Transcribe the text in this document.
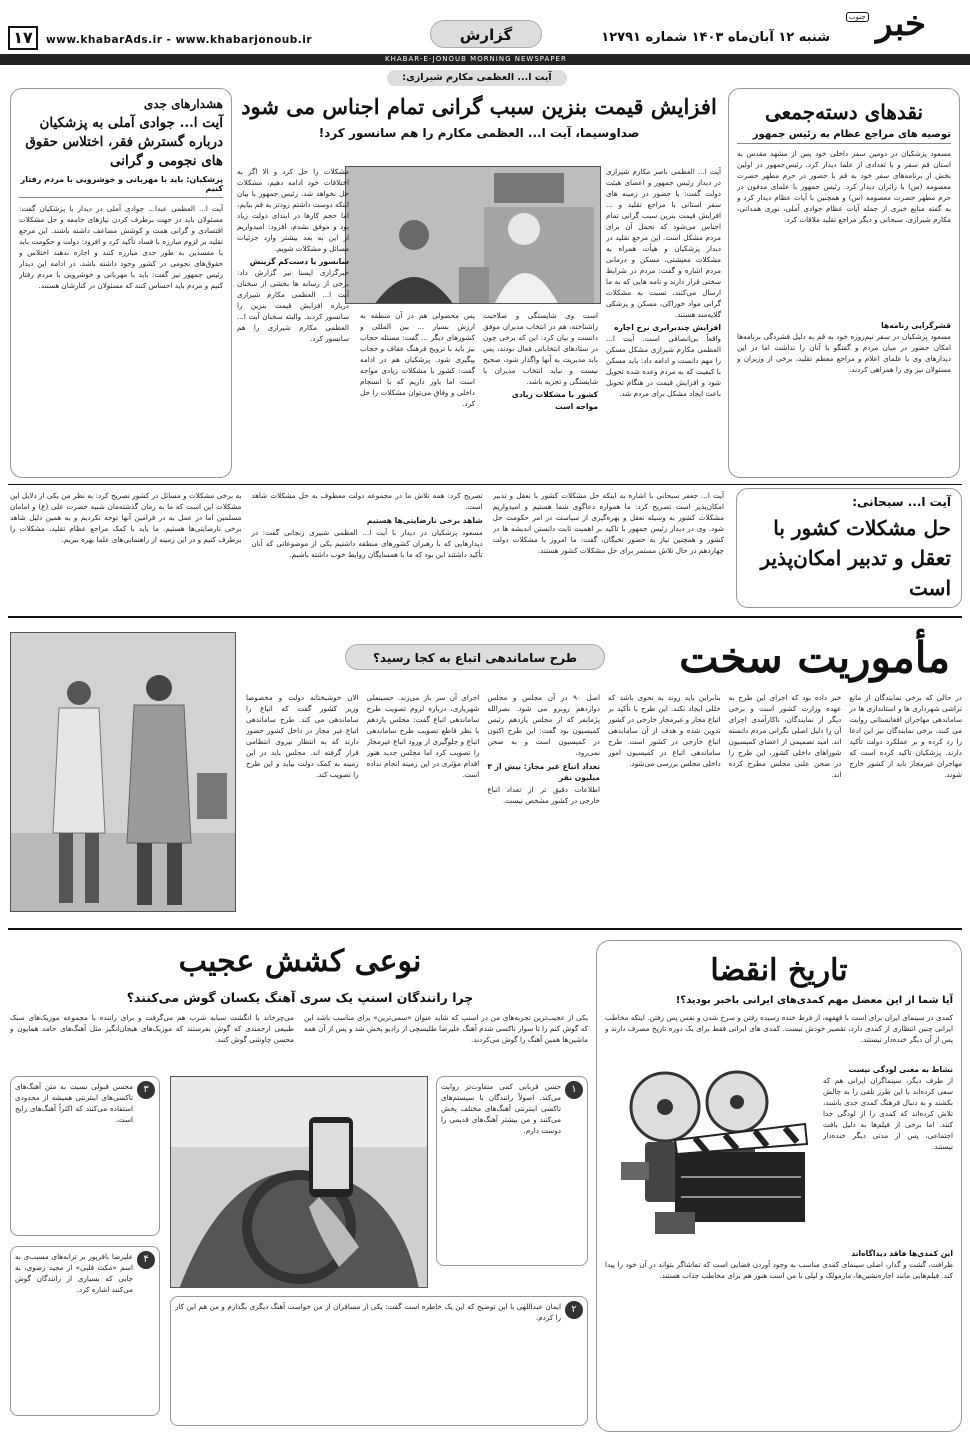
خبر
جنوب
شنبه ۱۲ آبان‌ماه ۱۴۰۳ شماره ۱۲۷۹۱
گزارش
www.khabarAds.ir - www.khabarjonoub.ir
۱۷
KHABAR-E-JONOUB MORNING NEWSPAPER
آیت ا... العظمی مکارم شیرازی:
افزایش قیمت بنزین سبب گرانی تمام اجناس می شود
صداوسیما، آیت ا... العظمی مکارم را هم سانسور کرد!
آیت ا... العظمی ناصر مکارم شیرازی در دیدار رئیس جمهور و اعضای هیئت دولت گفت: با حضور در زمینه های سفر استانی با مراجع تقلید و ... افزایش قیمت بنزین سبب گرانی تمام اجناس می‌شود که تحمل آن برای مردم مشکل است. این مرجع تقلید در دیدار پزشکیان و هیأت همراه به مشکلات معیشتی، مسکن و درمانی مردم اشاره و گفت: مردم در شرایط سختی قرار دارند و نامه هایی که به ما ارسال می‌کنند، نسبت به مشکلات گرانی مواد خوراکی، مسکن و پزشکی گلایه‌مند هستند.
افزایش چندبرابری نرخ اجاره
واقعاً بی‌انصافی است. آیت ا... العظمی مکارم شیرازی مشکل مسکن را مهم دانست و ادامه داد: باید مسکن با کیفیت که به مردم وعده شده تحویل شود و افزایش قیمت در هنگام تحویل باعث ایجاد مشکل برای مردم شد.
است وی شایستگی و صلاحیت راشناخته، هم در انتخاب مدیران موفق دانست و بیان کرد: این که برخی چون در ستادهای انتخاباتی فعال بودند، پس باید مدیریت به آنها واگذار شود، صحیح نیست و نباید انتخاب مدیران با شایستگی و تجربه باشد.
کشور با مشکلات زیادی
مواجه است
پس محصولی هم در آن منطقه به ارزش بسیار ... بین المللی و کشورهای دیگر ... گفت: مسئله حجاب نیز باید با ترویج فرهنگ عفاف و حجاب پیگیری شود. پزشکیان هم در ادامه گفت: کشور با مشکلات زیادی مواجه است اما باور داریم که با انسجام داخلی و وفاق می‌توان مشکلات را حل کرد.
مشکلات را حل کرد و الا اگر به اختلافات خود ادامه دهیم، مشکلات حل نخواهد شد. رئیس جمهور با بیان اینکه دوست داشتم زودتر به قم بیایم، اما حجم کارها در ابتدای دولت زیاد بود و موفق نشدم، افزود: امیدواریم از این به بعد بیشتر وارد جزئیات مسائل و مشکلات شویم.
سانسور یا دست‌کم گزینش
خبرگزاری ایسنا نیز گزارش داد: برخی از رسانه ها بخشی از سخنان آیت ا... العظمی مکارم شیرازی درباره افزایش قیمت بنزین را سانسور کردند. والبته سخنان آیت ا... العظمی مکارم شیرازی را هم سانسور کرد.
هشدارهای جدی
آیت ا... جوادی آملی به پزشکیان درباره گسترش فقر، اختلاس حقوق های نجومی و گرانی
پزشکیان: باید با مهربانی و خوشرویی با مردم رفتار کنیم
آیت ا... العظمی عبدا... جوادی آملی در دیدار با پزشکیان گفت: مسئولان باید در جهت برطرف کردن نیازهای جامعه و حل مشکلات اقتصادی و گرانی همت و کوشش مضاعف داشته باشند. این مرجع تقلید بر لزوم مبارزه با فساد تأکید کرد و افزود: دولت و حکومت باید با مفسدین به طور جدی مبارزه کنند و اجازه ندهند اختلاس و حقوق‌های نجومی در کشور وجود داشته باشد. در ادامه این دیدار رئیس جمهور نیز گفت: باید با مهربانی و خوشرویی با مردم رفتار کنیم و مردم باید احساس کنند که مسئولان در کنارشان هستند.
نقدهای دسته‌جمعی
توصیه های مراجع عظام به رئیس جمهور
مسعود پزشکیان در دومین سفر داخلی خود پس از مشهد مقدس به استان قم سفر و با تعدادی از علما دیدار کرد. رئیس‌جمهور در اولین بخش از برنامه‌های سفر خود به قم با حضور در حرم مطهر حضرت معصومه (س) با زائران دیدار کرد. رئیس جمهور با علمای مدفون در حرم مطهر حضرت معصومه (س) و همچنین با آیات عظام دیدار کرد و به گفته منابع خبری از جمله آیات عظام جوادی آملی، نوری همدانی، مکارم شیرازی، سبحانی و دیگر مراجع تقلید ملاقات کرد.
قشرگرایی رنامه‌ها
مسعود پزشکیان در سفر نیم‌روزه خود به قم به دلیل فشردگی برنامه‌ها امکان حضور در میان مردم و گفتگو با آنان را نداشت اما در این دیدارهای وی با علمای اعلام و مراجع معظم تقلید، برخی از وزیران و مسئولان نیز وی را همراهی کردند.
آیت ا... سبحانی:
حل مشکلات کشور با تعقل و تدبیر امکان‌پذیر است
آیت ا... جعفر سبحانی با اشاره به اینکه حل مشکلات کشور با تعقل و تدبیر امکان‌پذیر است تصریح کرد: ما همواره دعاگوی شما هستیم و امیدواریم مشکلات کشور به وسیله تعقل و بهره‌گیری از سیاست در امر حکومت حل شود. وی در دیدار رئیس جمهور با تاکید بر اهمیت ثابت دانستن اندیشه ها در کشور و همچنین نیاز به حضور نخبگان، گفت: ما امروز با مشکلات دولت چهاردهم در حال تلاش مستمر برای حل مشکلات کشور هستند.
تصریح کرد: همه تلاش ما در مجموعه دولت معطوف به حل مشکلات شاهد است.
شاهد برخی نارضایتی‌ها هستیم
مسعود پزشکیان در دیدار با آیت ا... العظمی شبیری زنجانی گفت: در دیدارهایی که با رهبران کشورهای منطقه داشتیم یکی از موضوعاتی که آنان تأکید داشتند این بود که ما با همسایگان روابط خوب داشته باشیم.
به برخی مشکلات و مسائل در کشور تصریح کرد: به نظر من یکی از دلایل این مشکلات این است که ما به زمان گذشته‌مان شبیه حضرت علی (ع) و امامان مسلمین اما در عمل به در فرامین آنها توجه نکردیم و به همین دلیل شاهد برخی نارضایتی‌ها هستیم. ما باید با کمک مراجع عظام تقلید، مشکلات را برطرف کنیم و در این زمینه از راهنمایی‌های علما بهره ببریم.
مأموریت سخت
طرح ساماندهی اتباع به کجا رسید؟
در حالی که برخی نمایندگان از مانع تراشی شهرداری ها و استانداری ها در ساماندهی مهاجران افغانستانی روایت می کنند، برخی نمایندگان نیز این ادعا را رد کرده و بر عملکرد دولت تأکید دارند. پزشکیان تاکید کرده است که مهاجران غیرمجاز باید از کشور خارج شوند.
خبر داده بود که اجرای این طرح به عهده وزارت کشور است و برخی دیگر از نمایندگان، ناکارآمدی اجرای آن را دلیل اصلی نگرانی مردم دانسته اند. امید تصمیمی از اعضای کمیسیون شوراهای داخلی کشور، این طرح را در صحن علنی مجلس مطرح کرده اند.
بنابراین باید روند به نحوی باشد که خللی ایجاد نکند. این طرح با تأکید بر اتباع مجاز و غیرمجاز خارجی در کشور تدوین شده و هدف از آن ساماندهی اتباع خارجی در کشور است. طرح ساماندهی اتباع در کمیسیون امور داخلی مجلس بررسی می‌شود.
اصل ۹۰ در آن مجلس و مجلس دوازدهم روبرو می شود. نصرالله پژمانفر که از مجلس یازدهم رئیس کمیسیون بود گفت: این طرح اکنون در کمیسیون است و به صحن نمی‌رود.
تعداد اتباع غیر مجاز: بیش از ۳ میلیون نفر
اطلاعات دقیق تر از تعداد اتباع خارجی در کشور مشخص نیست.
اجرای آن سر باز می‌زند. حسینعلی شهریاری، درباره لزوم تصویب طرح ساماندهی اتباع گفت: مجلس یازدهم با نظر قاطع تصویب طرح ساماندهی اتباع و جلوگیری از ورود اتباع غیرمجاز را تصویب کرد اما مجلس جدید هنوز اقدام مؤثری در این زمینه انجام نداده است.
الان خوشبختانه دولت و مخصوصا وزیر کشور گفت که اتباع را ساماندهی می کند. طرح ساماندهی اتباع غیر مجاز در داخل کشور حضور دارند که به انتظار نیروی انتظامی قرار گرفته اند. مجلس باید در این زمینه به کمک دولت بیاید و این طرح را تصویب کند.
تاریخ انقضا
آیا شما از این معضل مهم کمدی‌های ایرانی باخبر بودید؟!
کمدی در سینمای ایران برای است با قهقهه، از فرط خنده رسیده رفتن و سرخ شدن و نفس پس رفتن. اینکه مخاطب ایرانی چنین انتظاری از کمدی دارد، تقصیر خودش نیست. کمدی های ایرانی فقط برای یک دوره تاریخ مصرف دارند و پس از آن دیگر خنده‌دار نیستند.
نشاط به معنی لودگی نیست
از طرف دیگر، سینماگران ایرانی هم که سعی کرده‌اند با این طرز تلقی را به چالش بکشند و به دنبال فرهنگ کمدی جدی باشند، تلاش کرده‌اند که کمدی را از لودگی جدا کنند. اما برخی از فیلم‌ها به دلیل بافت اجتماعی، پس از مدتی دیگر خنده‌دار نیستند.
این کمدی‌ها فاقد دیداگاه‌اند
ظرافت، گشت و گذار، اصلی سینمای کمدی مناسب به وجود آوردن فضایی است که تماشاگر بتواند در آن خود را پیدا کند. فیلم‌هایی مانند اجاره‌نشین‌ها، مارمولک و لیلی با من است هنوز هم برای مخاطب جذاب هستند.
نوعی کشش عجیب
چرا رانندگان اسنپ یک سری آهنگ یکسان گوش می‌کنند؟
یکی از عجیب‌ترین تجربه‌های من در اسنپ که شاید عنوان «سمی‌ترین» برای مناسب باشد این که گوش کنم را تا سوار تاکسی شدم آهنگ علیرضا طلیسچی از رادیو پخش شد و پس از آن همه ماشین‌ها همین آهنگ را گوش می‌کردند.
می‌چرخاند با انگشت سبابه شرب هم می‌گرفت و برای راننده با مجموعه موزیک‌های سبک طبیعی ارجمندی که گوش بفرستند که موزیک‌های هیجان‌انگیز مثل آهنگ‌های حامد همایون و محسن چاوشی گوش کنند.
۳
محسن قبولی نسبت به متن آهنگ‌های تاکسی‌های اینترنتی همیشه از محدودی استفاده می‌کنند که اکثراً آهنگ‌های رایج است.
۴
علیرضا باقرپور بر ترانه‌های مسبب‌ی به اسم «مکث قلبی» از مجید رضوی، به جایی که بسیاری از رانندگان گوش می‌کنند اشاره کرد.
۱
حسن قربانی کمی متفاوت‌تر روایت می‌کند. اصولاً رانندگان با سیستم‌های تاکسی اینترنتی آهنگ‌های مختلف پخش می‌کنند و من بیشتر آهنگ‌های قدیمی را دوست دارم.
۲
ایمان عبداللهی با این توضیح که این یک خاطره است گفت: یکی از مسافران از من خواست آهنگ دیگری بگذارم و من هم این کار را کردم.
